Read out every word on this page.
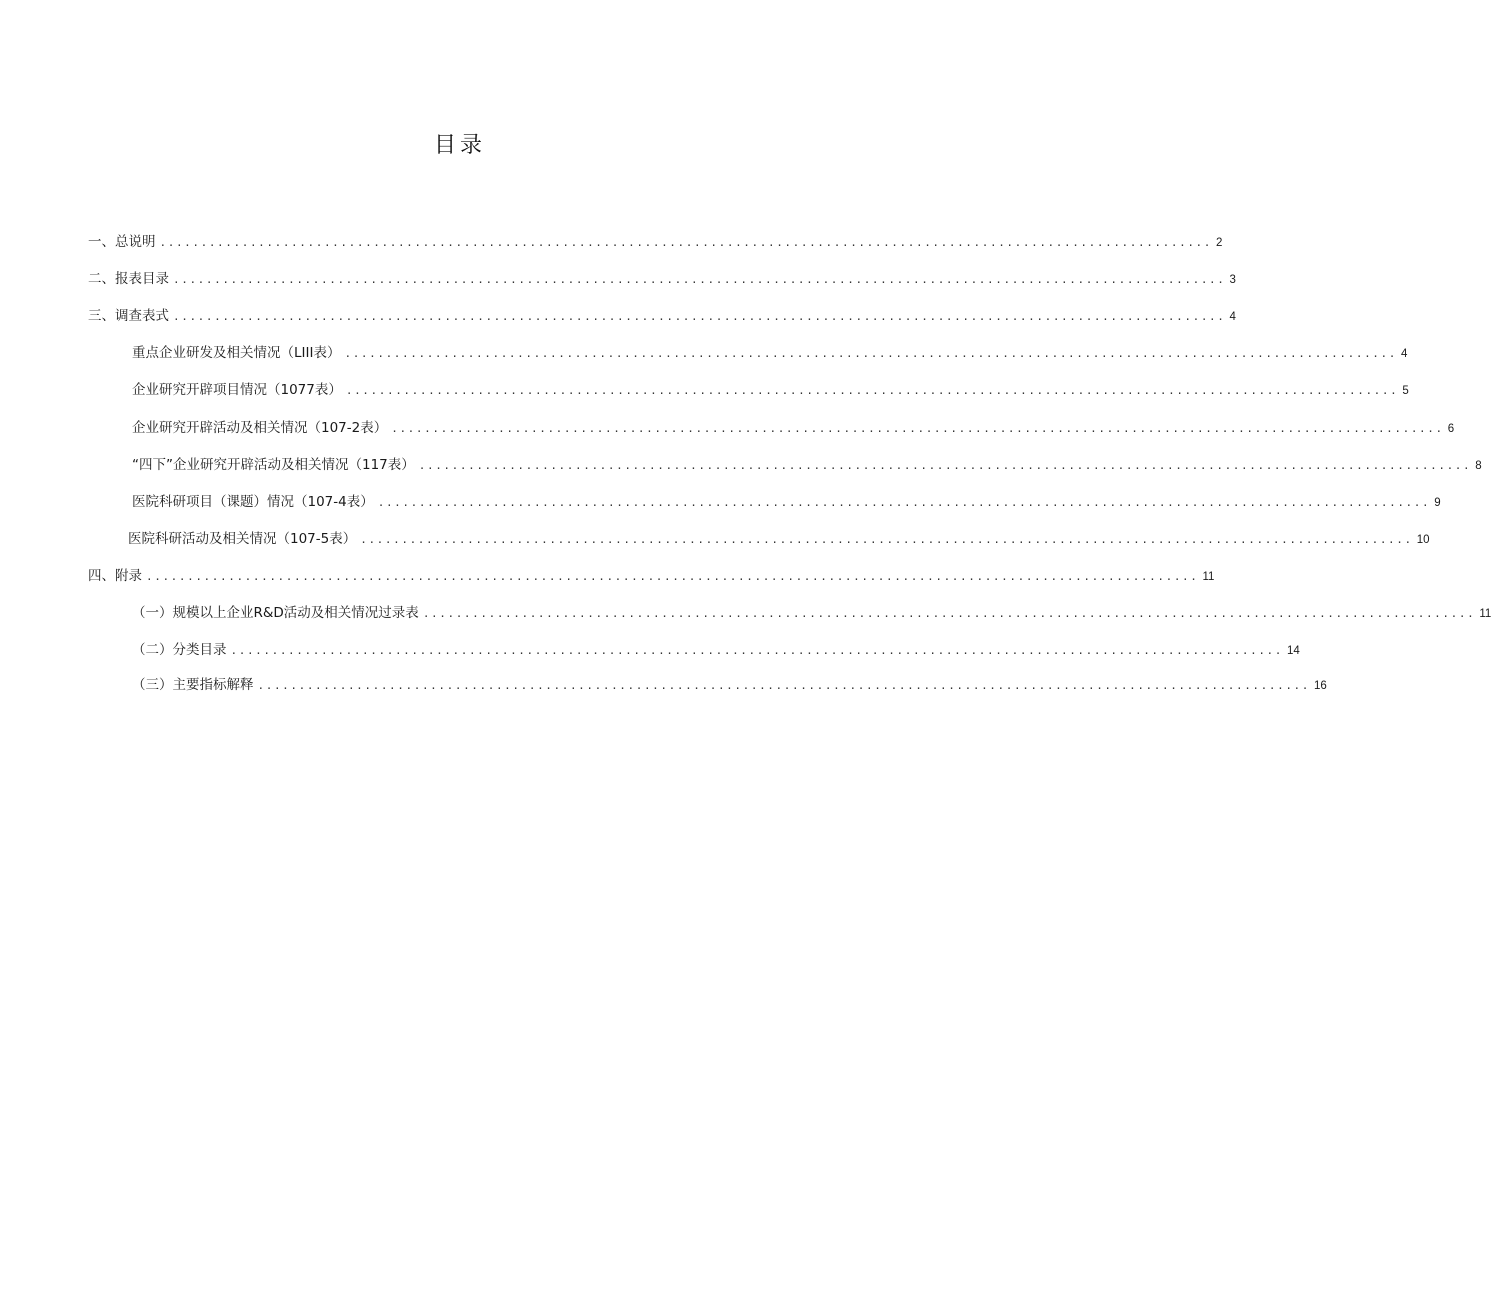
目录
一、总说明 ................................................................................................................................ 2
二、报表目录 ................................................................................................................................ 3
三、调查表式 ................................................................................................................................ 4
重点企业研发及相关情况（LIII表） ................................................................................................................................ 4
企业研究开辟项目情况（1077表） ................................................................................................................................ 5
企业研究开辟活动及相关情况（107-2表） ................................................................................................................................ 6
“四下”企业研究开辟活动及相关情况（117表） ................................................................................................................................ 8
医院科研项目（课题）情况（107-4表） ................................................................................................................................ 9
医院科研活动及相关情况（107-5表） ................................................................................................................................ 10
四、附录 ................................................................................................................................ 11
（一）规模以上企业R&D活动及相关情况过录表 ................................................................................................................................ 11
（二）分类目录 ................................................................................................................................ 14
（三）主要指标解释 ................................................................................................................................ 16
